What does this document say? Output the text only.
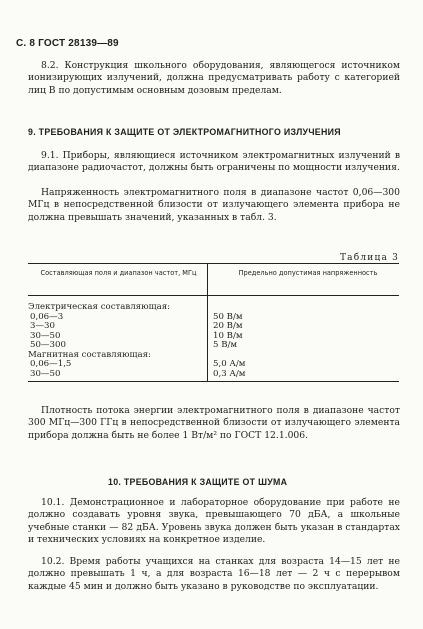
С. 8 ГОСТ 28139—89

8.2. Конструкция школьного оборудования, являющегося источником ионизирующих излучений, должна предусматривать работу с категорией лиц В по допустимым основным дозовым пределам.

9. ТРЕБОВАНИЯ К ЗАЩИТЕ ОТ ЭЛЕКТРОМАГНИТНОГО ИЗЛУЧЕНИЯ

9.1. Приборы, являющиеся источником электромагнитных излучений в диапазоне радиочастот, должны быть ограничены по мощности излучения.

Напряженность электромагнитного поля в диапазоне частот 0,06—300 МГц в непосредственной близости от излучающего элемента прибора не должна превышать значений, указанных в табл. 3.

Таблица 3
Составляющая поля и диапазон частот, МГц	Предельно допустимая напряженность
Электрическая составляющая:
0,06—3	50 В/м
3—30	20 В/м
30—50	10 В/м
50—300	5 В/м
Магнитная составляющая:
0,06—1,5	5,0 А/м
30—50	0,3 А/м

Плотность потока энергии электромагнитного поля в диапазоне частот 300 МГц—300 ГГц в непосредственной близости от излучающего элемента прибора должна быть не более 1 Вт/м² по ГОСТ 12.1.006.

10. ТРЕБОВАНИЯ К ЗАЩИТЕ ОТ ШУМА

10.1. Демонстрационное и лабораторное оборудование при работе не должно создавать уровня звука, превышающего 70 дБА, а школьные учебные станки — 82 дБА. Уровень звука должен быть указан в стандартах и технических условиях на конкретное изделие.

10.2. Время работы учащихся на станках для возраста 14—15 лет не должно превышать 1 ч, а для возраста 16—18 лет — 2 ч с перерывом каждые 45 мин и должно быть указано в руководстве по эксплуатации.
